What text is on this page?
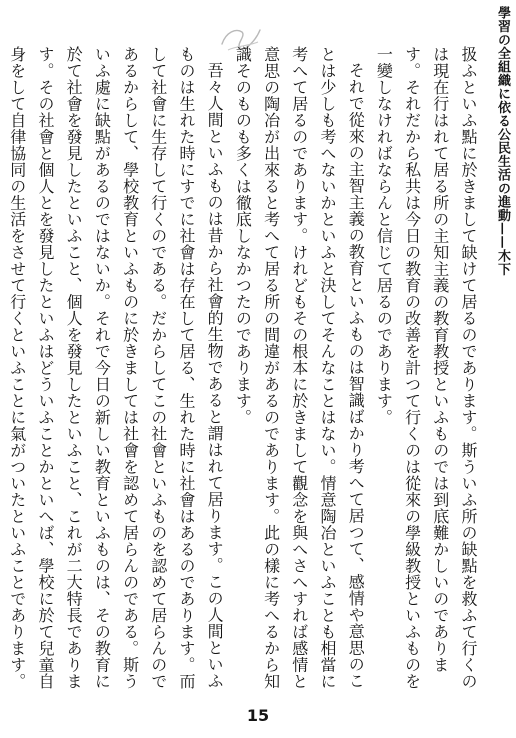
學習の全組織に依る公民生活の進動——木下

扱ふといふ點に於きまして缺けて居るのであります。斯ういふ所の缺點を救ふて行くのは現在行はれて居る所の主知主義の教育教授といふものでは到底難かしいのであります。それだから私共は今日の教育の改善を計つて行くのは從來の學級教授といふものを一變しなければならんと信じて居るのであります。

それで從來の主智主義の教育といふものは智識ばかり考へて居つて、感情や意思のことは少しも考へないかといふと決してそんなことはない。情意陶冶といふことも相當に考へて居るのであります。けれどもその根本に於きまして觀念を與へさへすれば感情と意思の陶冶が出來ると考へて居る所の間違があるのであります。此の樣に考へるから知識そのものも多くは徹底しなかつたのであります。

吾々人間といふものは昔から社會的生物であると謂はれて居ります。この人間といふものは生れた時にすでに社會は存在して居る、生れた時に社會はあるのであります。而して社會に生存して行くのである。だからしてこの社會といふものを認めて居らんのであるからして、學校教育といふものに於きましては社會を認めて居らんのである。斯ういふ處に缺點があるのではないか。それで今日の新しい教育といふものは、その教育に於て社會を發見したといふこと、個人を發見したといふこと、これが二大特長であります。その社會と個人とを發見したといふはどういふことかといへば、學校に於て兒童自身をして自律協同の生活をさせて行くといふことに氣がついたといふことであります。

15
